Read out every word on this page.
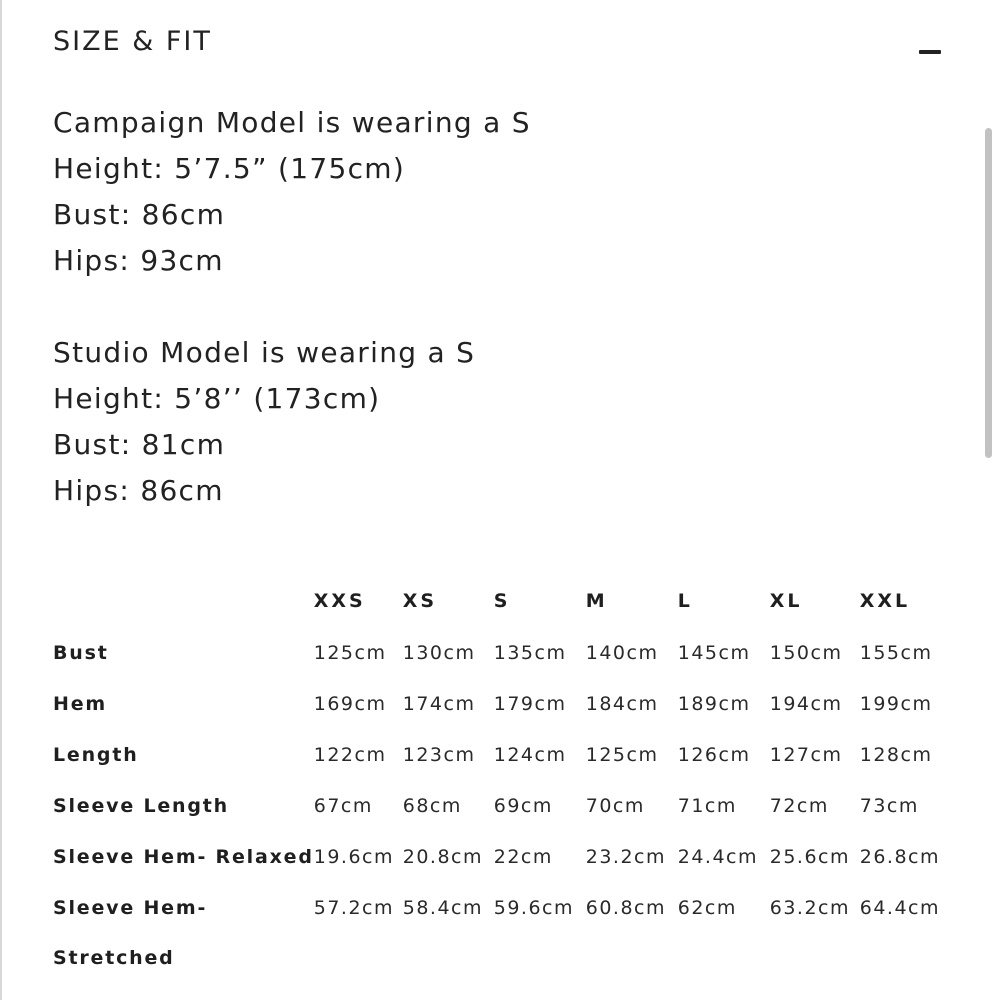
SIZE & FIT
Campaign Model is wearing a S
Height: 5’7.5” (175cm)
Bust: 86cm
Hips: 93cm
Studio Model is wearing a S
Height: 5’8’’ (173cm)
Bust: 81cm
Hips: 86cm
	XXS	XS	S	M	L	XL	XXL
Bust	125cm	130cm	135cm	140cm	145cm	150cm	155cm
Hem	169cm	174cm	179cm	184cm	189cm	194cm	199cm
Length	122cm	123cm	124cm	125cm	126cm	127cm	128cm
Sleeve Length	67cm	68cm	69cm	70cm	71cm	72cm	73cm
Sleeve Hem- Relaxed	19.6cm	20.8cm	22cm	23.2cm	24.4cm	25.6cm	26.8cm

Sleeve Hem- Stretched	57.2cm	58.4cm	59.6cm	60.8cm	62cm	63.2cm	64.4cm
